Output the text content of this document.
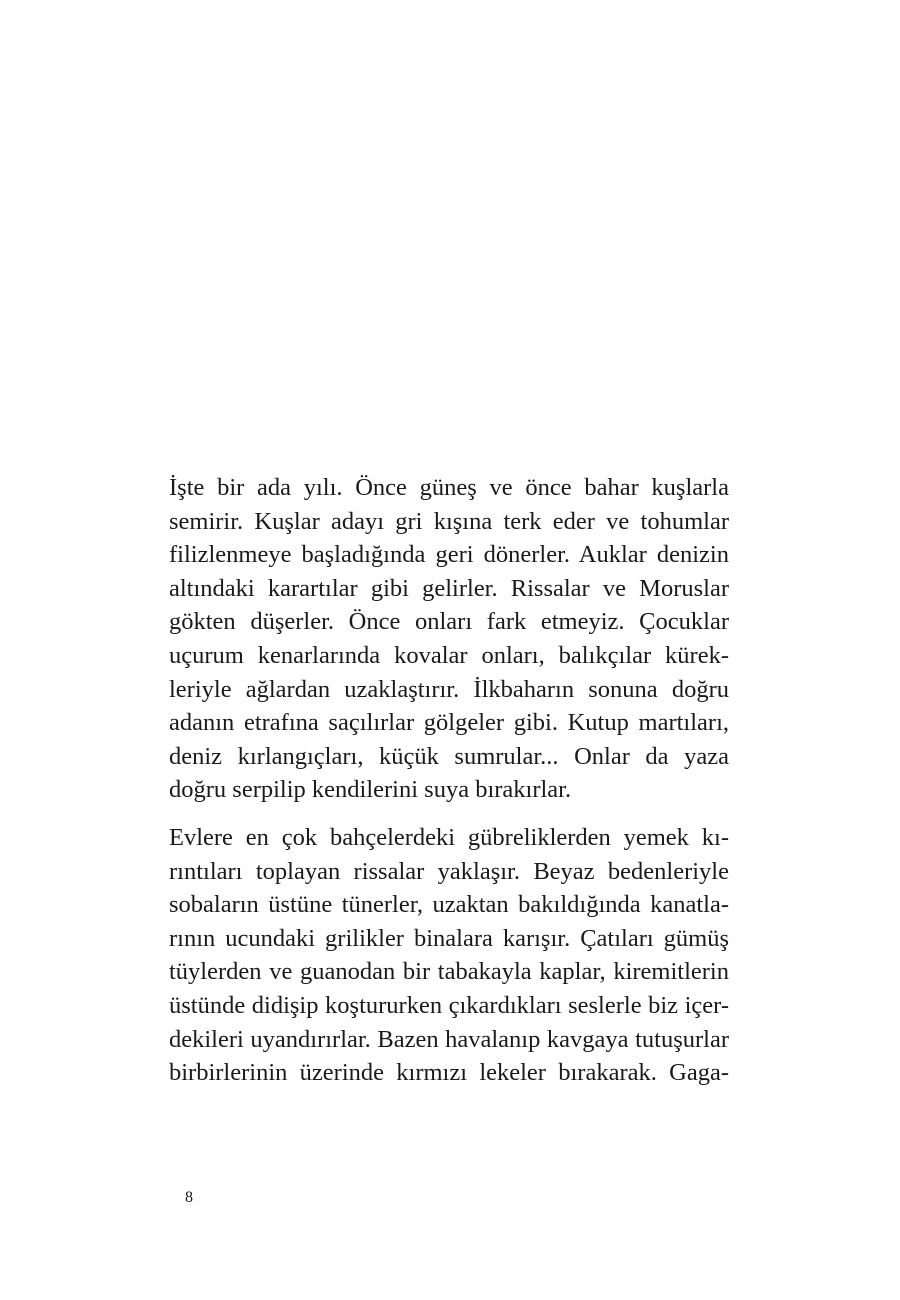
İşte bir ada yılı. Önce güneş ve önce bahar kuşlarla
semirir. Kuşlar adayı gri kışına terk eder ve tohumlar
filizlenmeye başladığında geri dönerler. Auklar denizin
altındaki karartılar gibi gelirler. Rissalar ve Moruslar
gökten düşerler. Önce onları fark etmeyiz. Çocuklar
uçurum kenarlarında kovalar onları, balıkçılar kürek-
leriyle ağlardan uzaklaştırır. İlkbaharın sonuna doğru
adanın etrafına saçılırlar gölgeler gibi. Kutup martıları,
deniz kırlangıçları, küçük sumrular... Onlar da yaza
doğru serpilip kendilerini suya bırakırlar.

Evlere en çok bahçelerdeki gübreliklerden yemek kı-
rıntıları toplayan rissalar yaklaşır. Beyaz bedenleriyle
sobaların üstüne tünerler, uzaktan bakıldığında kanatla-
rının ucundaki grilikler binalara karışır. Çatıları gümüş
tüylerden ve guanodan bir tabakayla kaplar, kiremitlerin
üstünde didişip koştururken çıkardıkları seslerle biz içer-
dekileri uyandırırlar. Bazen havalanıp kavgaya tutuşurlar
birbirlerinin üzerinde kırmızı lekeler bırakarak. Gaga-

8
